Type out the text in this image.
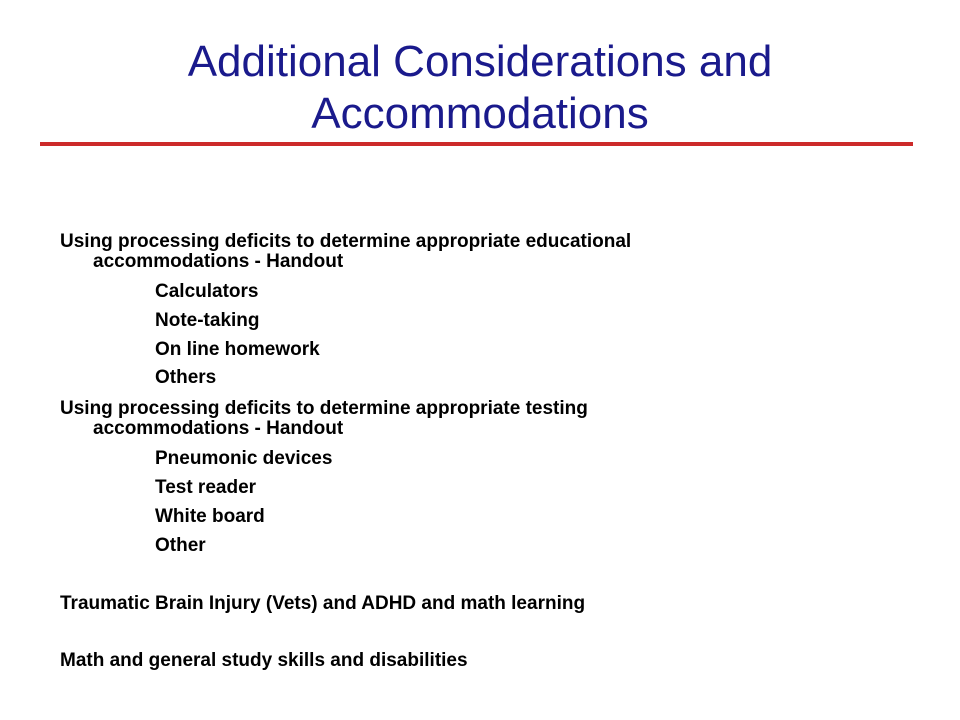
Additional Considerations and
Accommodations
Using processing deficits to determine appropriate educational
accommodations - Handout
Calculators
Note-taking
On line homework
Others
Using processing deficits to determine appropriate testing
accommodations - Handout
Pneumonic devices
Test reader
White board
Other
Traumatic Brain Injury (Vets) and ADHD and math learning
Math and general study skills and disabilities
